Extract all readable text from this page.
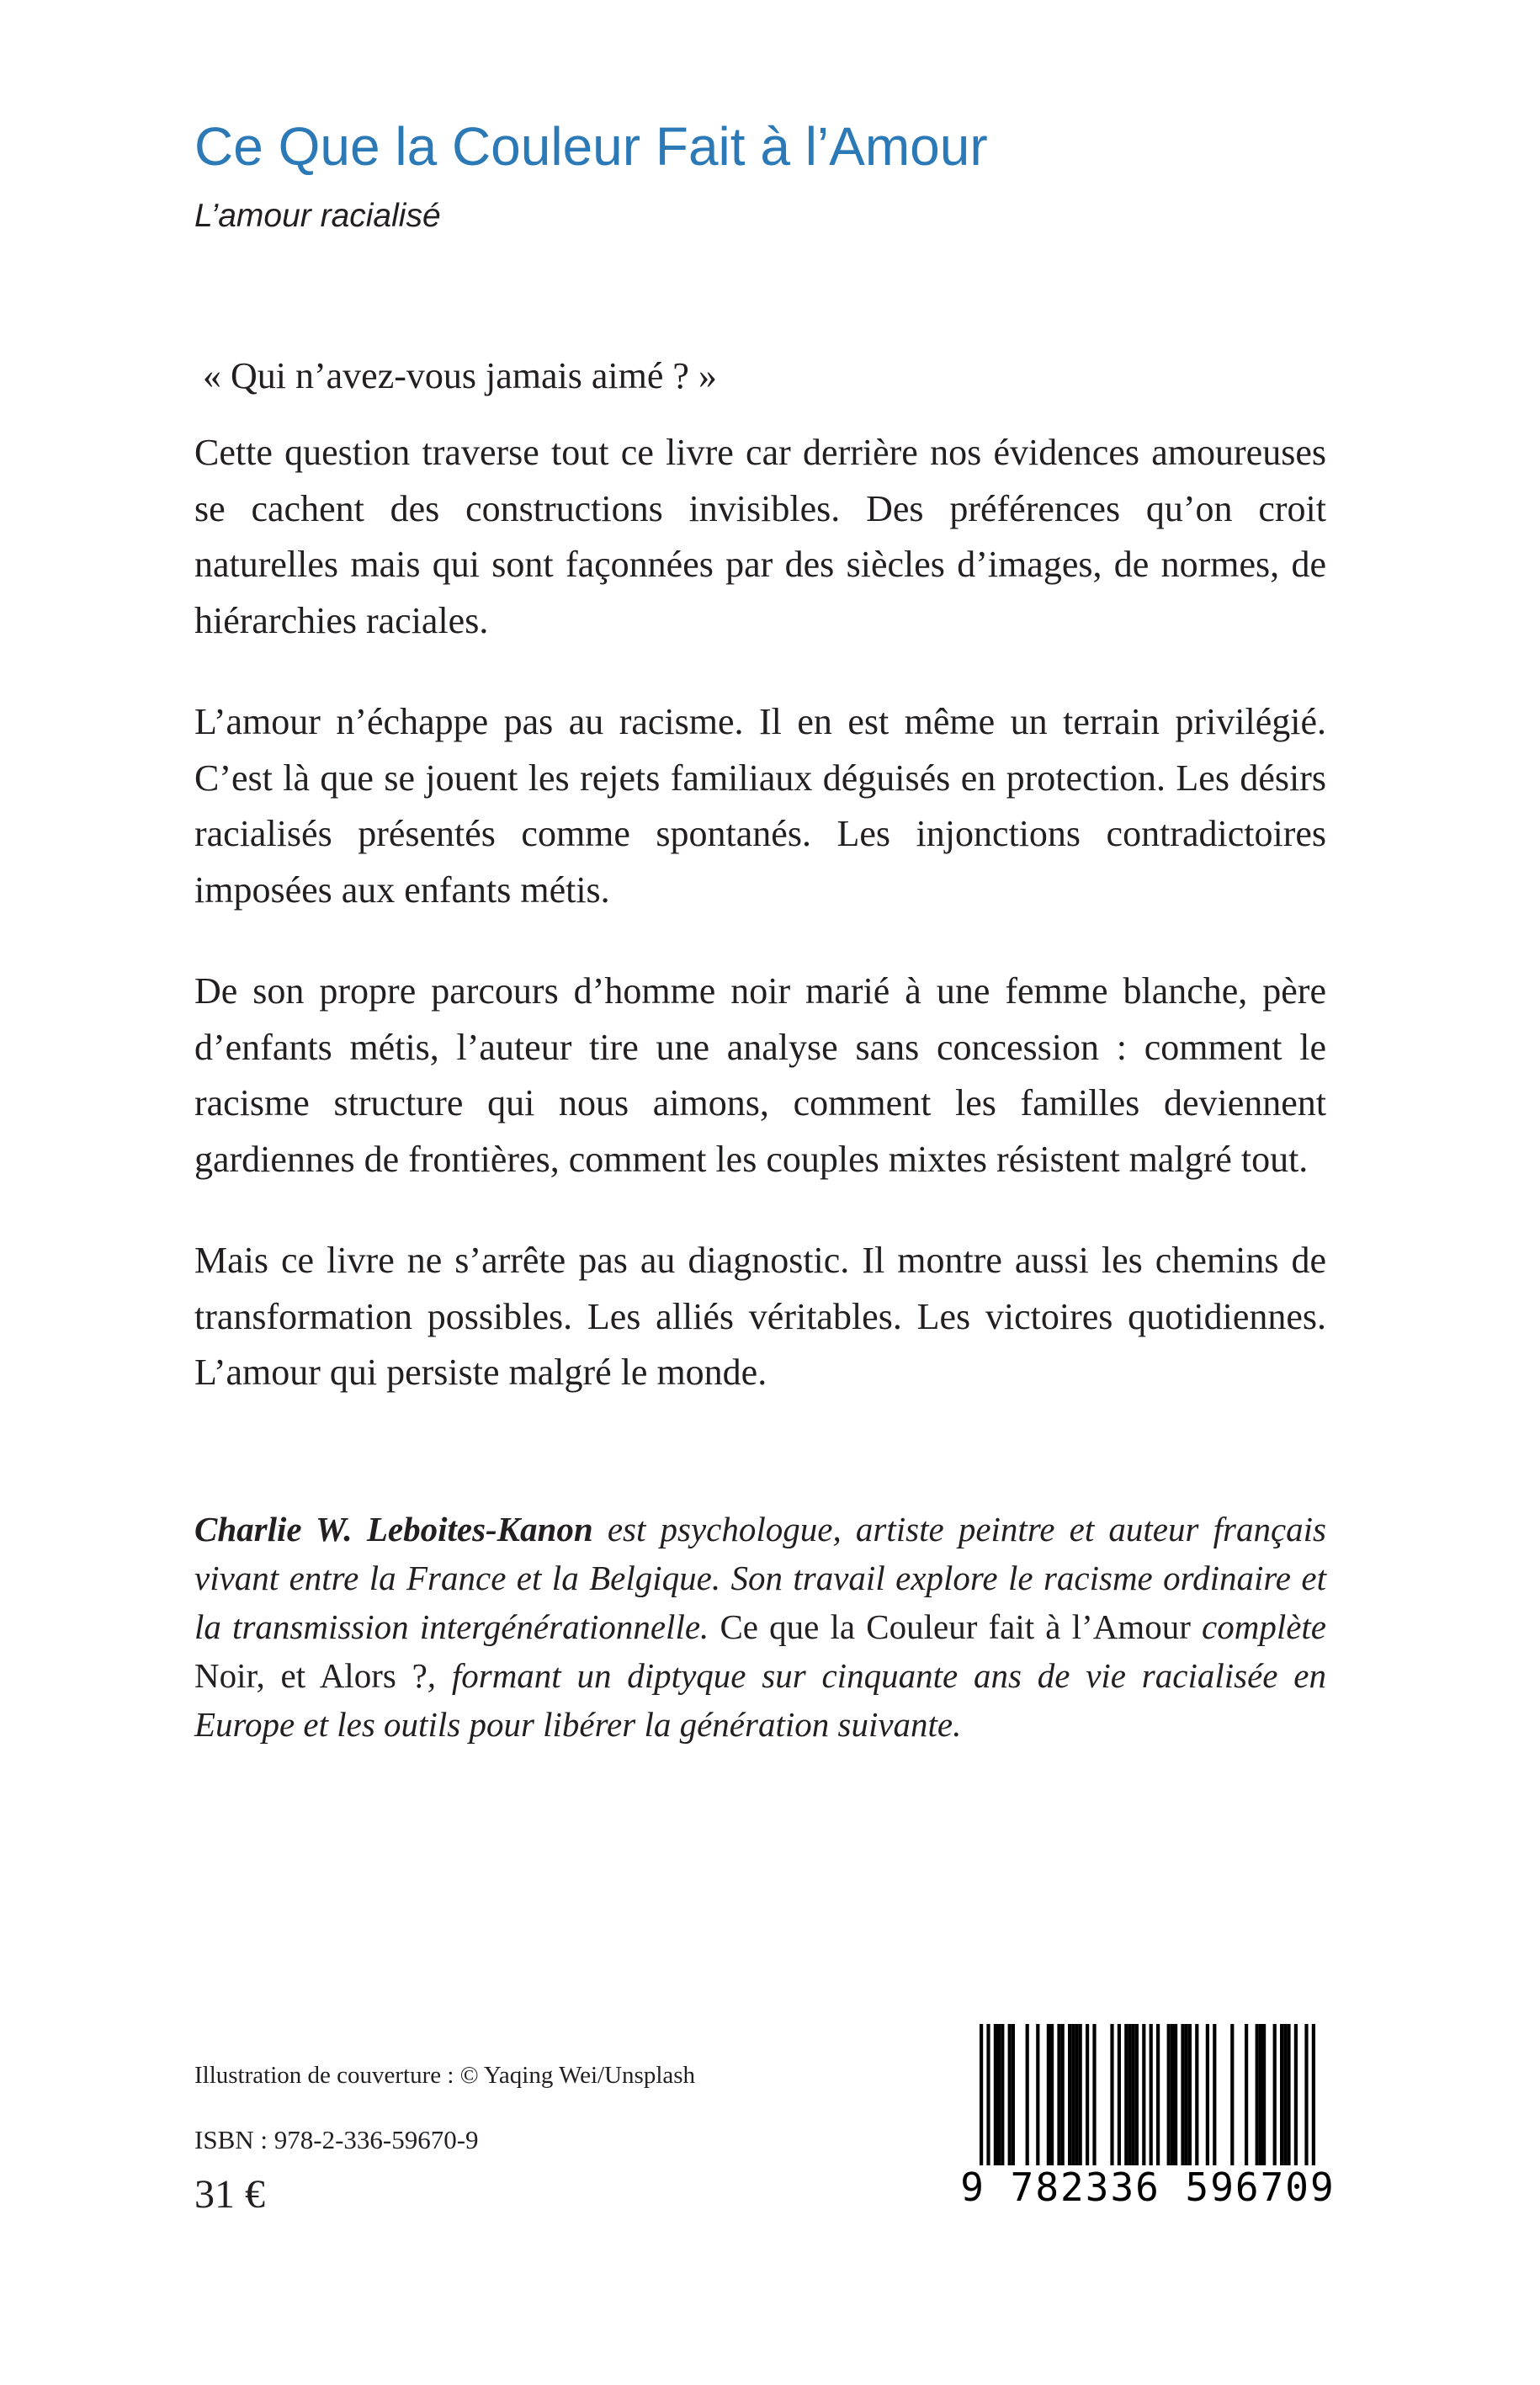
Ce Que la Couleur Fait à l’Amour
L’amour racialisé
« Qui n’avez-vous jamais aimé ? »

Cette question traverse tout ce livre car derrière nos évidences amoureuses se cachent des constructions invisibles. Des préférences qu’on croit naturelles mais qui sont façonnées par des siècles d’images, de normes, de hiérarchies raciales.

L’amour n’échappe pas au racisme. Il en est même un terrain privilégié. C’est là que se jouent les rejets familiaux déguisés en protection. Les désirs racialisés présentés comme spontanés. Les injonctions contradictoires imposées aux enfants métis.

De son propre parcours d’homme noir marié à une femme blanche, père d’enfants métis, l’auteur tire une analyse sans concession : comment le racisme structure qui nous aimons, comment les familles deviennent gardiennes de frontières, comment les couples mixtes résistent malgré tout.

Mais ce livre ne s’arrête pas au diagnostic. Il montre aussi les chemins de transformation possibles. Les alliés véritables. Les victoires quotidiennes. L’amour qui persiste malgré le monde.

Charlie W. Leboites-Kanon est psychologue, artiste peintre et auteur français vivant entre la France et la Belgique. Son travail explore le racisme ordinaire et la transmission intergénérationnelle. Ce que la Couleur fait à l’Amour complète Noir, et Alors ?, formant un diptyque sur cinquante ans de vie racialisée en Europe et les outils pour libérer la génération suivante.

Illustration de couverture : © Yaqing Wei/Unsplash
ISBN : 978-2-336-59670-9
31 €	9 782336 596709
